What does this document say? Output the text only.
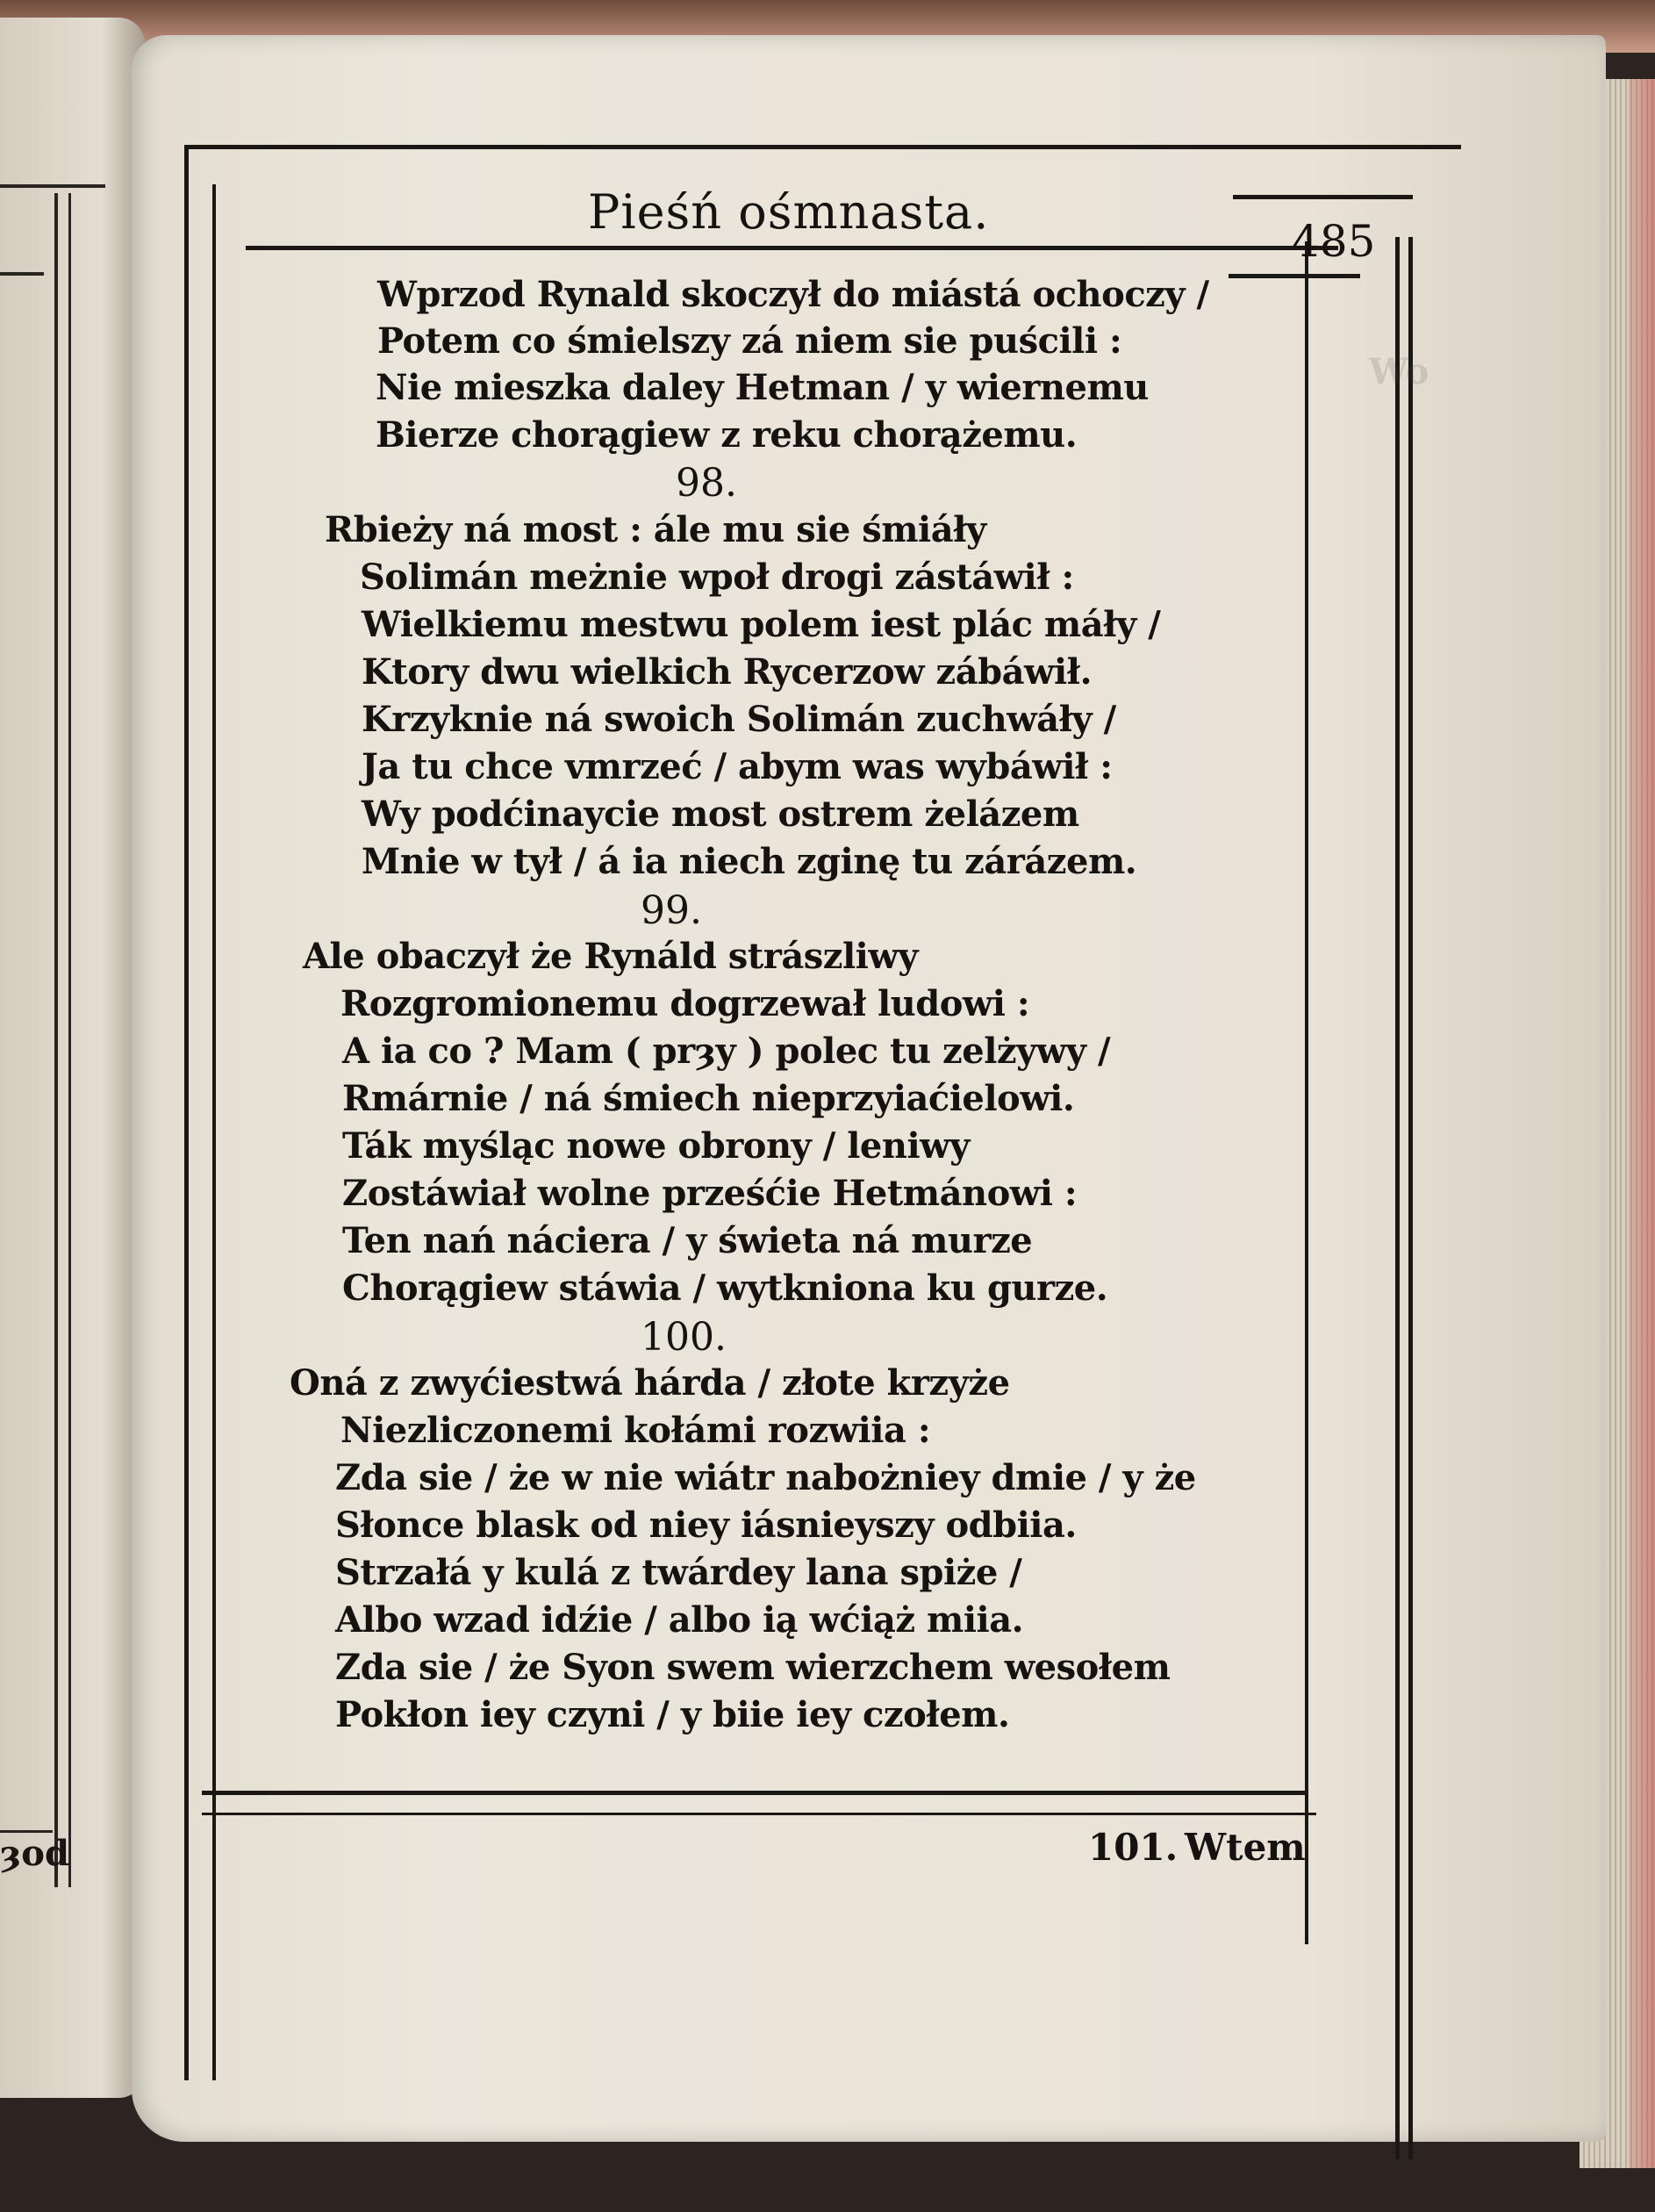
ȝod
Wo
Pieśń ośmnasta.
485
Wprzod Rynald skoczył do miástá ochoczy /
Potem co śmielszy zá niem sie puścili :
Nie mieszka daley Hetman / y wiernemu
Bierze chorągiew z reku chorążemu.
98.
Rbieży ná most : ále mu sie śmiáły
Solimán meżnie wpoł drogi zástáwił :
Wielkiemu mestwu polem iest plác máły /
Ktory dwu wielkich Rycerzow zábáwił.
Krzyknie ná swoich Solimán zuchwáły /
Ja tu chce vmrzeć / abym was wybáwił :
Wy podćinaycie most ostrem żelázem
Mnie w tył / á ia niech zginę tu zárázem.
99.
Ale obaczył że Rynáld strászliwy
Rozgromionemu dogrzewał ludowi :
A ia co ? Mam ( prȝy ) polec tu zelżywy /
Rmárnie / ná śmiech nieprzyiaćielowi.
Ták myśląc nowe obrony / leniwy
Zostáwiał wolne prześćie Hetmánowi :
Ten nań náciera / y świeta ná murze
Chorągiew stáwia / wytkniona ku gurze.
100.
Oná z zwyćiestwá hárda / złote krzyże
Niezliczonemi kołámi rozwiia :
Zda sie / że w nie wiátr nabożniey dmie / y że
Słonce blask od niey iásnieyszy odbiia.
Strzałá y kulá z twárdey lana spiże /
Albo wzad idźie / albo ią wćiąż miia.
Zda sie / że Syon swem wierzchem wesołem
Pokłon iey czyni / y biie iey czołem.
101. Wtem
